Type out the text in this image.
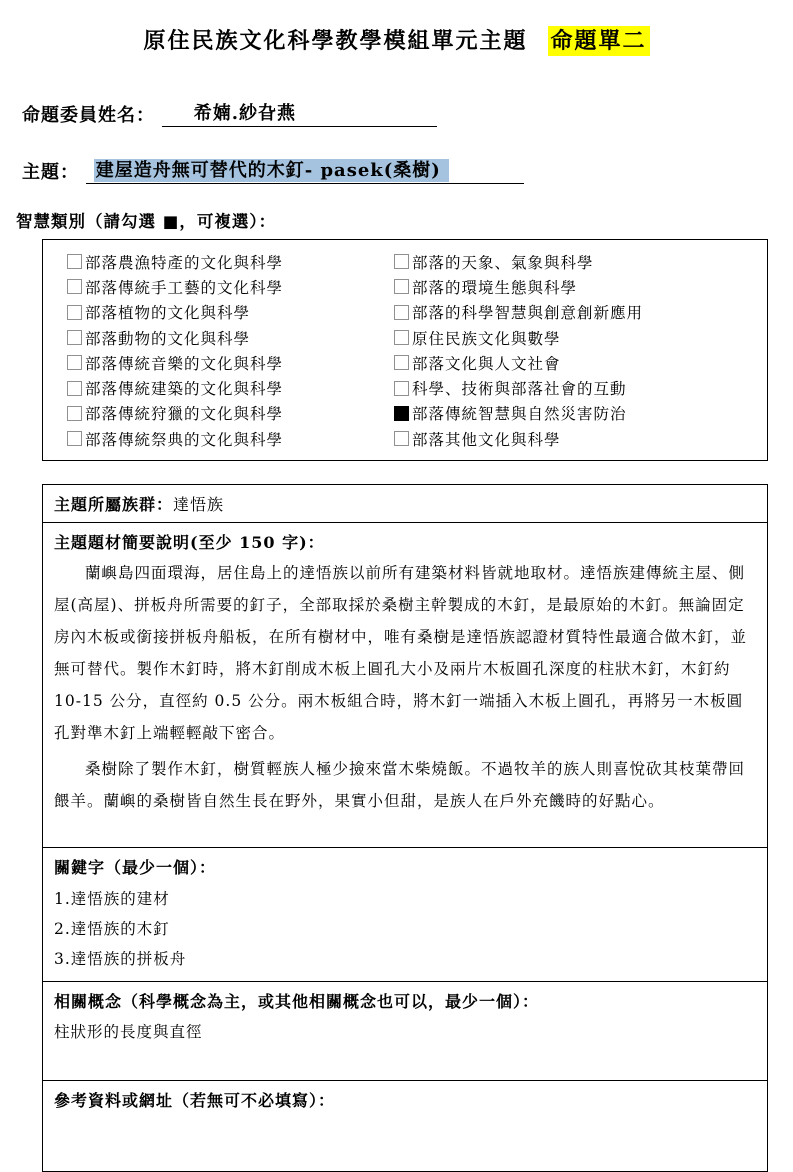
原住民族文化科學教學模組單元主題 命題單二
命題委員姓名： 希婻.紗旮燕
主題： 建屋造舟無可替代的木釘- pasek(桑樹)
智慧類別（請勾選 ■，可複選）：
部落農漁特產的文化與科學
部落傳統手工藝的文化科學
部落植物的文化與科學
部落動物的文化與科學
部落傳統音樂的文化與科學
部落傳統建築的文化與科學
部落傳統狩獵的文化與科學
部落傳統祭典的文化與科學
部落的天象、氣象與科學
部落的環境生態與科學
部落的科學智慧與創意創新應用
原住民族文化與數學
部落文化與人文社會
科學、技術與部落社會的互動
部落傳統智慧與自然災害防治
部落其他文化與科學
主題所屬族群：達悟族
主題題材簡要說明(至少 150 字)：

蘭嶼島四面環海，居住島上的達悟族以前所有建築材料皆就地取材。達悟族建傳統主屋、側屋(高屋)、拼板舟所需要的釘子，全部取採於桑樹主幹製成的木釘，是最原始的木釘。無論固定房內木板或銜接拼板舟船板，在所有樹材中，唯有桑樹是達悟族認證材質特性最適合做木釘，並無可替代。製作木釘時，將木釘削成木板上圓孔大小及兩片木板圓孔深度的柱狀木釘，木釘約 10-15 公分，直徑約 0.5 公分。兩木板組合時，將木釘一端插入木板上圓孔，再將另一木板圓孔對準木釘上端輕輕敲下密合。

桑樹除了製作木釘，樹質輕族人極少撿來當木柴燒飯。不過牧羊的族人則喜悅砍其枝葉帶回餵羊。蘭嶼的桑樹皆自然生長在野外，果實小但甜，是族人在戶外充饑時的好點心。

關鍵字（最少一個）：
1.達悟族的建材
2.達悟族的木釘
3.達悟族的拼板舟
相關概念（科學概念為主，或其他相關概念也可以，最少一個）：
柱狀形的長度與直徑
參考資料或網址（若無可不必填寫）：
